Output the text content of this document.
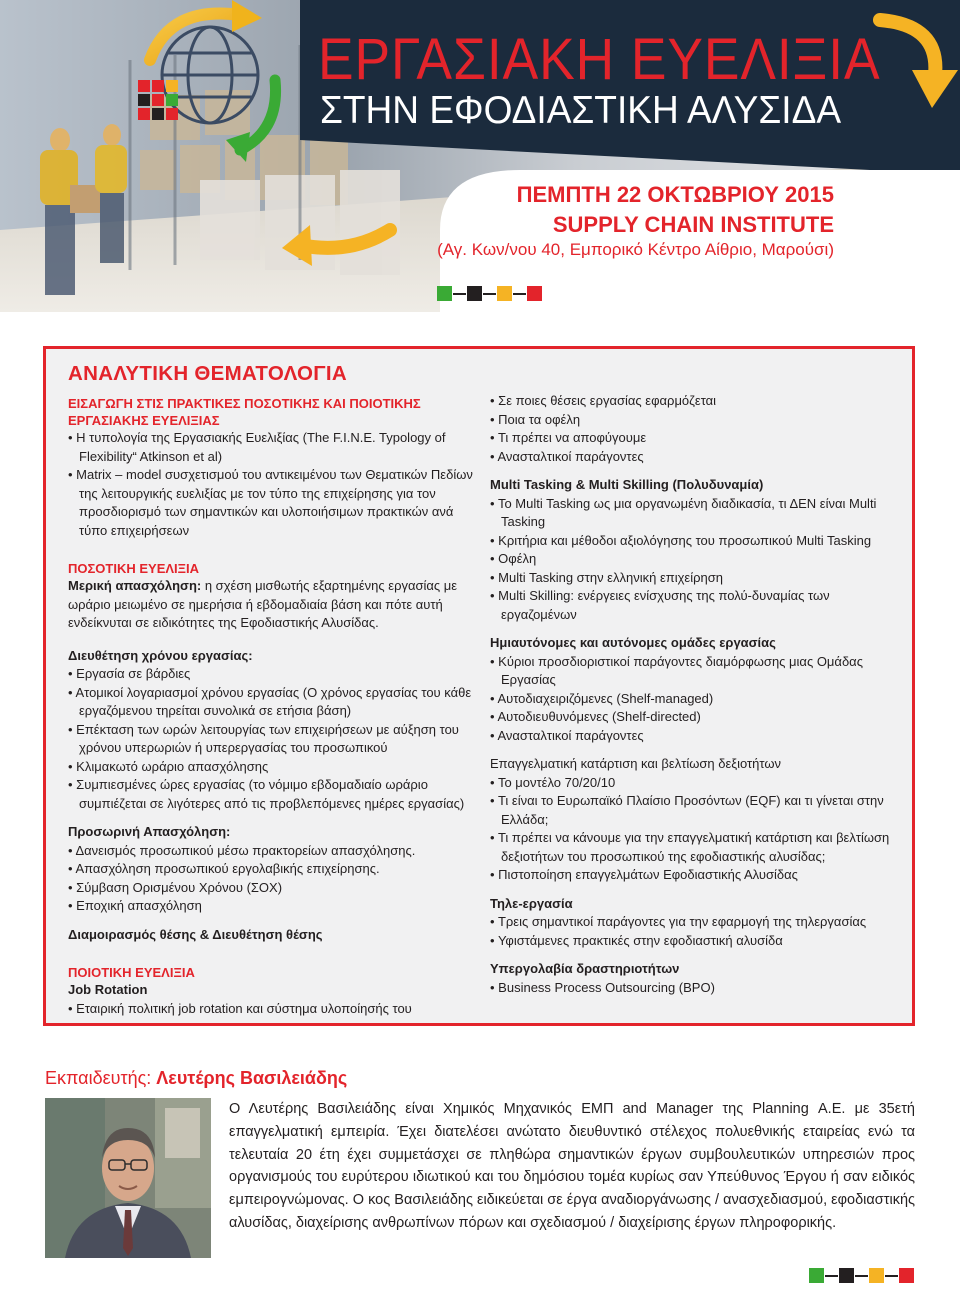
ΕΡΓΑΣΙΑΚΗ ΕΥΕΛΙΞΙΑ
ΣΤΗΝ ΕΦΟΔΙΑΣΤΙΚΗ ΑΛΥΣΙΔΑ
ΠΕΜΠΤΗ 22 ΟΚΤΩΒΡΙΟΥ 2015
SUPPLY CHAIN INSTITUTE
(Αγ. Κων/νου 40, Εμπορικό Κέντρο Αίθριο, Μαρούσι)
ΑΝΑΛΥΤΙΚΗ ΘΕΜΑΤΟΛΟΓΙΑ
ΕΙΣΑΓΩΓΗ ΣΤΙΣ ΠΡΑΚΤΙΚΕΣ ΠΟΣΟΤΙΚΗΣ ΚΑΙ ΠΟΙΟΤΙΚΗΣ ΕΡΓΑΣΙΑΚΗΣ ΕΥΕΛΙΞΙΑΣ
• Η τυπολογία της Εργασιακής Ευελιξίας (The F.I.N.E. Typology of Flexibility“ Atkinson et al)
• Matrix – model συσχετισμού του αντικειμένου των Θεματικών Πεδίων της λειτουργικής ευελιξίας με τον τύπο της επιχείρησης για τον προσδιορισμό των σημαντικών και υλοποιήσιμων πρακτικών ανά τύπο επιχειρήσεων
ΠΟΣΟΤΙΚΗ ΕΥΕΛΙΞΙΑ
Μερική απασχόληση: η σχέση μισθωτής εξαρτημένης εργασίας με ωράριο μειωμένο σε ημερήσια ή εβδομαδιαία βάση και πότε αυτή ενδείκνυται σε ειδικότητες της Εφοδιαστικής Αλυσίδας.
Διευθέτηση χρόνου εργασίας:
• Εργασία σε βάρδιες
• Ατομικοί λογαριασμοί χρόνου εργασίας (Ο χρόνος εργασίας του κάθε εργαζόμενου τηρείται συνολικά σε ετήσια βάση)
• Επέκταση των ωρών λειτουργίας των επιχειρήσεων με αύξηση του χρόνου υπερωριών ή υπερεργασίας του προσωπικού
• Κλιμακωτό ωράριο απασχόλησης
• Συμπιεσμένες ώρες εργασίας (το νόμιμο εβδομαδιαίο ωράριο συμπιέζεται σε λιγότερες από τις προβλεπόμενες ημέρες εργασίας)
Προσωρινή Απασχόληση:
• Δανεισμός προσωπικού μέσω πρακτορείων απασχόλησης.
• Απασχόληση προσωπικού εργολαβικής επιχείρησης.
• Σύμβαση Ορισμένου Χρόνου (ΣΟΧ)
• Εποχική απασχόληση
Διαμοιρασμός θέσης & Διευθέτηση θέσης
ΠΟΙΟΤΙΚΗ ΕΥΕΛΙΞΙΑ
Job Rotation
• Εταιρική πολιτική job rotation και σύστημα υλοποίησής του
• Σε ποιες θέσεις εργασίας εφαρμόζεται
• Ποια τα οφέλη
• Τι πρέπει να αποφύγουμε
• Ανασταλτικοί παράγοντες
Multi Tasking & Multi Skilling (Πολυδυναμία)
• Το Multi Tasking ως μια οργανωμένη διαδικασία, τι ΔΕΝ είναι Multi Tasking
• Κριτήρια και μέθοδοι αξιολόγησης του προσωπικού Multi Tasking
• Οφέλη
• Multi Tasking στην ελληνική επιχείρηση
• Multi Skilling: ενέργειες ενίσχυσης της πολύ-δυναμίας των εργαζομένων
Ημιαυτόνομες και αυτόνομες ομάδες εργασίας
• Κύριοι προσδιοριστικοί παράγοντες διαμόρφωσης μιας Ομάδας Εργασίας
• Αυτοδιαχειριζόμενες (Shelf-managed)
• Αυτοδιευθυνόμενες (Shelf-directed)
• Ανασταλτικοί παράγοντες
Επαγγελματική κατάρτιση και βελτίωση δεξιοτήτων
• Το μοντέλο 70/20/10
• Τι είναι το Ευρωπαϊκό Πλαίσιο Προσόντων (EQF) και τι γίνεται στην Ελλάδα;
• Τι πρέπει να κάνουμε για την επαγγελματική κατάρτιση και βελτίωση δεξιοτήτων του προσωπικού της εφοδιαστικής αλυσίδας;
• Πιστοποίηση επαγγελμάτων Εφοδιαστικής Αλυσίδας
Τηλε-εργασία
• Τρεις σημαντικοί παράγοντες για την εφαρμογή της τηλεργασίας
• Υφιστάμενες πρακτικές στην εφοδιαστική αλυσίδα
Υπεργολαβία δραστηριοτήτων
• Business Process Outsourcing (BPO)
Εκπαιδευτής: Λευτέρης Βασιλειάδης
Ο Λευτέρης Βασιλειάδης είναι Χημικός Μηχανικός ΕΜΠ and Manager της Planning Α.Ε. με 35ετή επαγγελματική εμπειρία. Έχει διατελέσει ανώτατο διευθυντικό στέλεχος πολυεθνικής εταιρείας ενώ τα τελευταία 20 έτη έχει συμμετάσχει σε πληθώρα σημαντικών έργων συμβουλευτικών υπηρεσιών προς οργανισμούς του ευρύτερου ιδιωτικού και του δημόσιου τομέα κυρίως σαν Υπεύθυνος Έργου ή σαν ειδικός εμπειρογνώμονας. Ο κος Βασιλειάδης ειδικεύεται σε έργα αναδιοργάνωσης / ανασχεδιασμού, εφοδιαστικής αλυσίδας, διαχείρισης ανθρωπίνων πόρων και σχεδιασμού / διαχείρισης έργων πληροφορικής.
